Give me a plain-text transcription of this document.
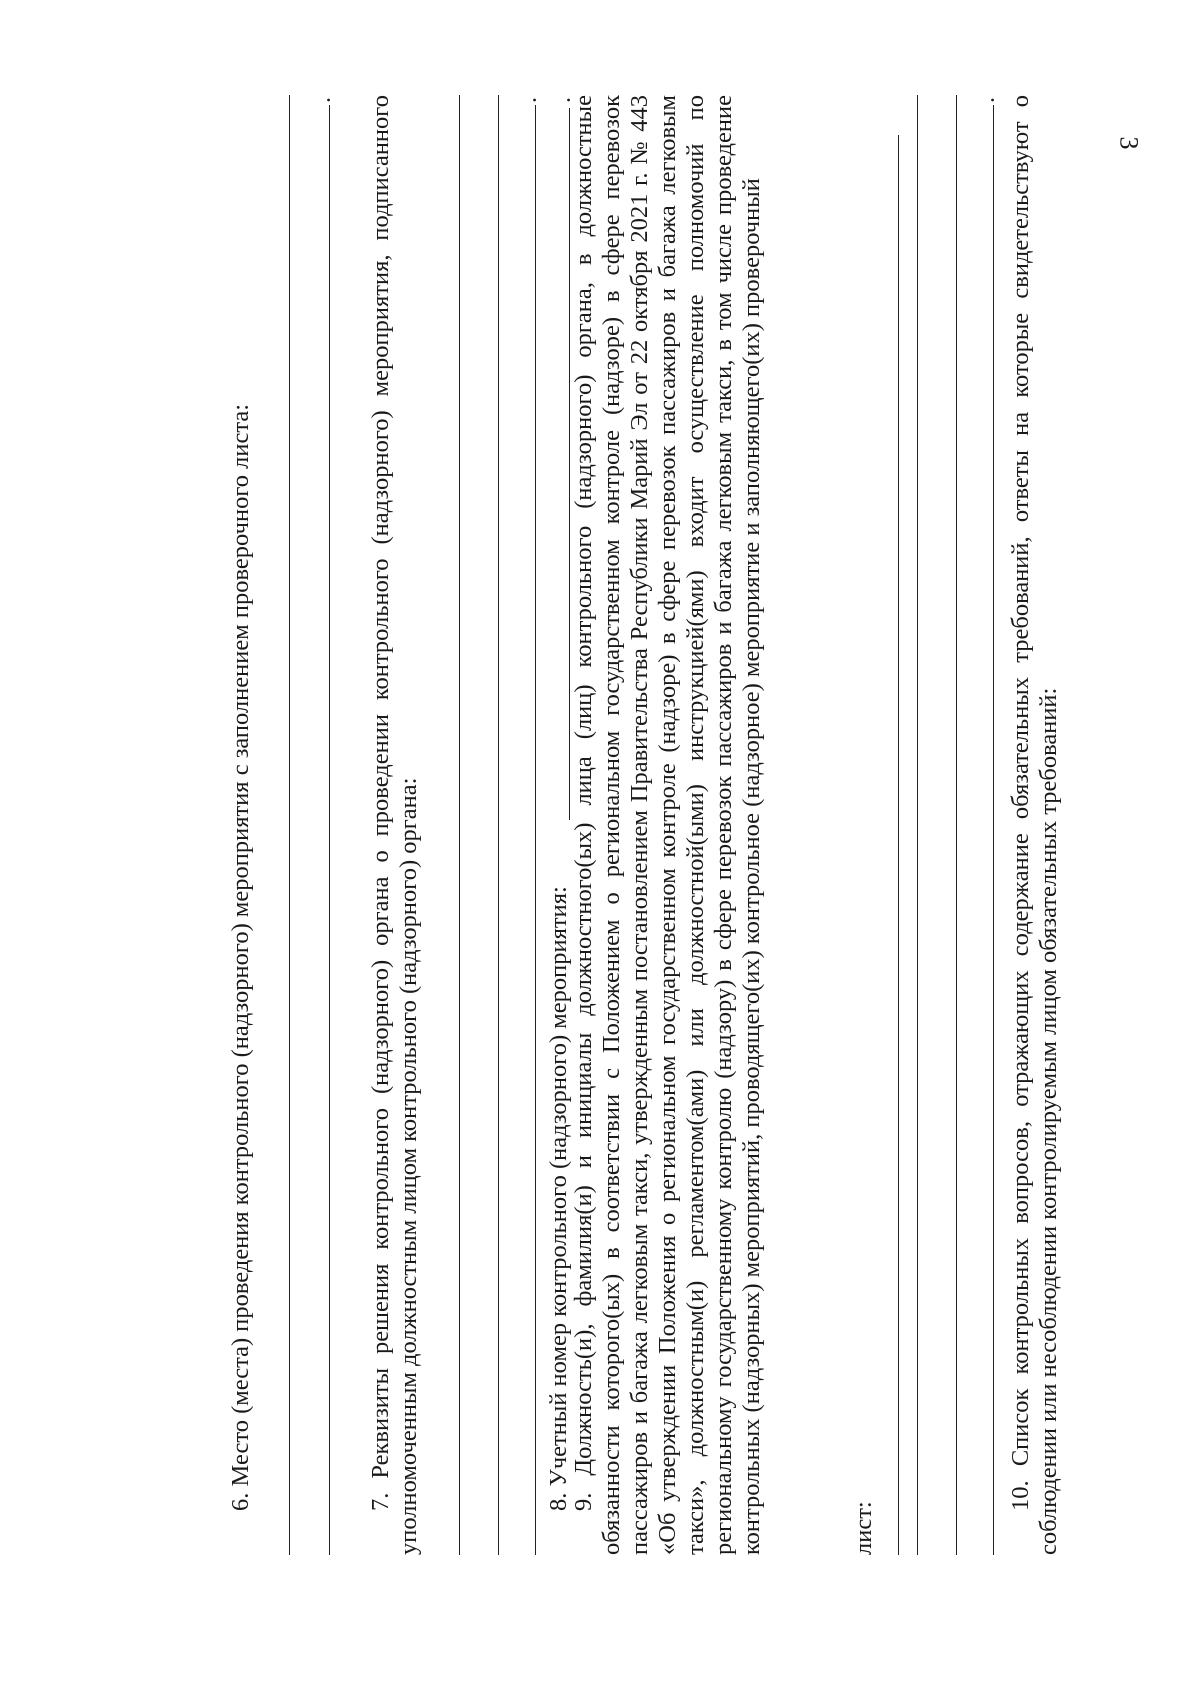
3
6. Место (места) проведения контрольного (надзорного) мероприятия с заполнением проверочного листа:
. 7. Реквизиты решения контрольного (надзорного) органа о проведении контрольного (надзорного) мероприятия, подписанного уполномоченным должностным лицом контрольного (надзорного) органа:
.
8. Учетный номер контрольного (надзорного) мероприятия:
.
9. Должность(и), фамилия(и) и инициалы должностного(ых) лица (лиц) контрольного (надзорного) органа, в должностные обязанности которого(ых) в соответствии с Положением о региональном государственном контроле (надзоре) в сфере перевозок пассажиров и багажа легковым такси, утвержденным постановлением Правительства Республики Марий Эл от 22 октября 2021 г. № 443 «Об утверждении Положения о региональном государственном контроле (надзоре) в сфере перевозок пассажиров и багажа легковым такси», должностным(и) регламентом(ами) или должностной(ыми) инструкцией(ями) входит осуществление полномочий по региональному государственному контролю (надзору) в сфере перевозок пассажиров и багажа легковым такси, в том числе проведение контрольных (надзорных) мероприятий, проводящего(их) контрольное (надзорное) мероприятие и заполняющего(их) проверочный	лист:
. 10. Список контрольных вопросов, отражающих содержание обязательных требований, ответы на которые свидетельствуют о соблюдении или несоблюдении контролируемым лицом обязательных требований:
